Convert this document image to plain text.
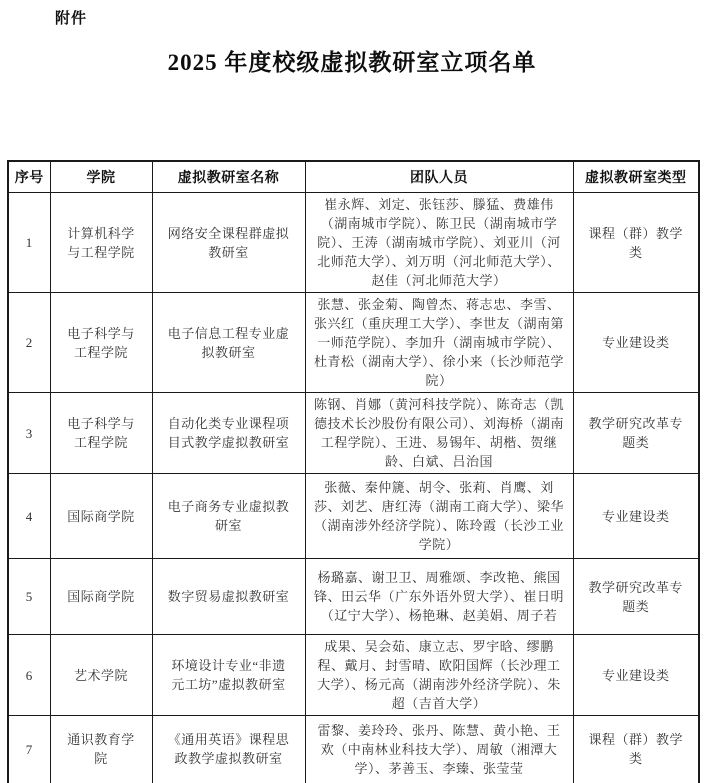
附件
2025 年度校级虚拟教研室立项名单
序号	学院	虚拟教研室名称	团队人员	虚拟教研室类型
1	计算机科学与工程学院	网络安全课程群虚拟教研室	崔永辉、刘定、张钰莎、滕猛、费雄伟（湖南城市学院）、陈卫民（湖南城市学院）、王涛（湖南城市学院）、刘亚川（河北师范大学）、刘万明（河北师范大学）、赵佳（河北师范大学）	课程（群）教学类
2	电子科学与工程学院	电子信息工程专业虚拟教研室	张慧、张金菊、陶曾杰、蒋志忠、李雪、张兴红（重庆理工大学）、李世友（湖南第一师范学院）、李加升（湖南城市学院）、杜青松（湖南大学）、徐小来（长沙师范学院）	专业建设类
3	电子科学与工程学院	自动化类专业课程项目式教学虚拟教研室	陈钢、肖娜（黄河科技学院）、陈奇志（凯德技术长沙股份有限公司）、刘海桥（湖南工程学院）、王进、易锡年、胡楷、贺继龄、白斌、吕治国	教学研究改革专题类
4	国际商学院	电子商务专业虚拟教研室	张薇、秦仲篪、胡令、张莉、肖鹰、刘莎、刘艺、唐红涛（湖南工商大学）、梁华（湖南涉外经济学院）、陈玲霞（长沙工业学院）	专业建设类
5	国际商学院	数字贸易虚拟教研室	杨璐嘉、谢卫卫、周雅颂、李改艳、熊国锋、田云华（广东外语外贸大学）、崔日明（辽宁大学）、杨艳琳、赵美娟、周子若	教学研究改革专题类
6	艺术学院	环境设计专业“非遗元工坊”虚拟教研室	成果、吴会茹、康立志、罗宇晗、缪鹏程、戴月、封雪晴、欧阳国辉（长沙理工大学）、杨元高（湖南涉外经济学院）、朱超（吉首大学）	专业建设类
7	通识教育学院	《通用英语》课程思政教学虚拟教研室	雷黎、姜玲玲、张丹、陈慧、黄小艳、王欢（中南林业科技大学）、周敏（湘潭大学）、茅善玉、李臻、张莹莹	课程（群）教学类
